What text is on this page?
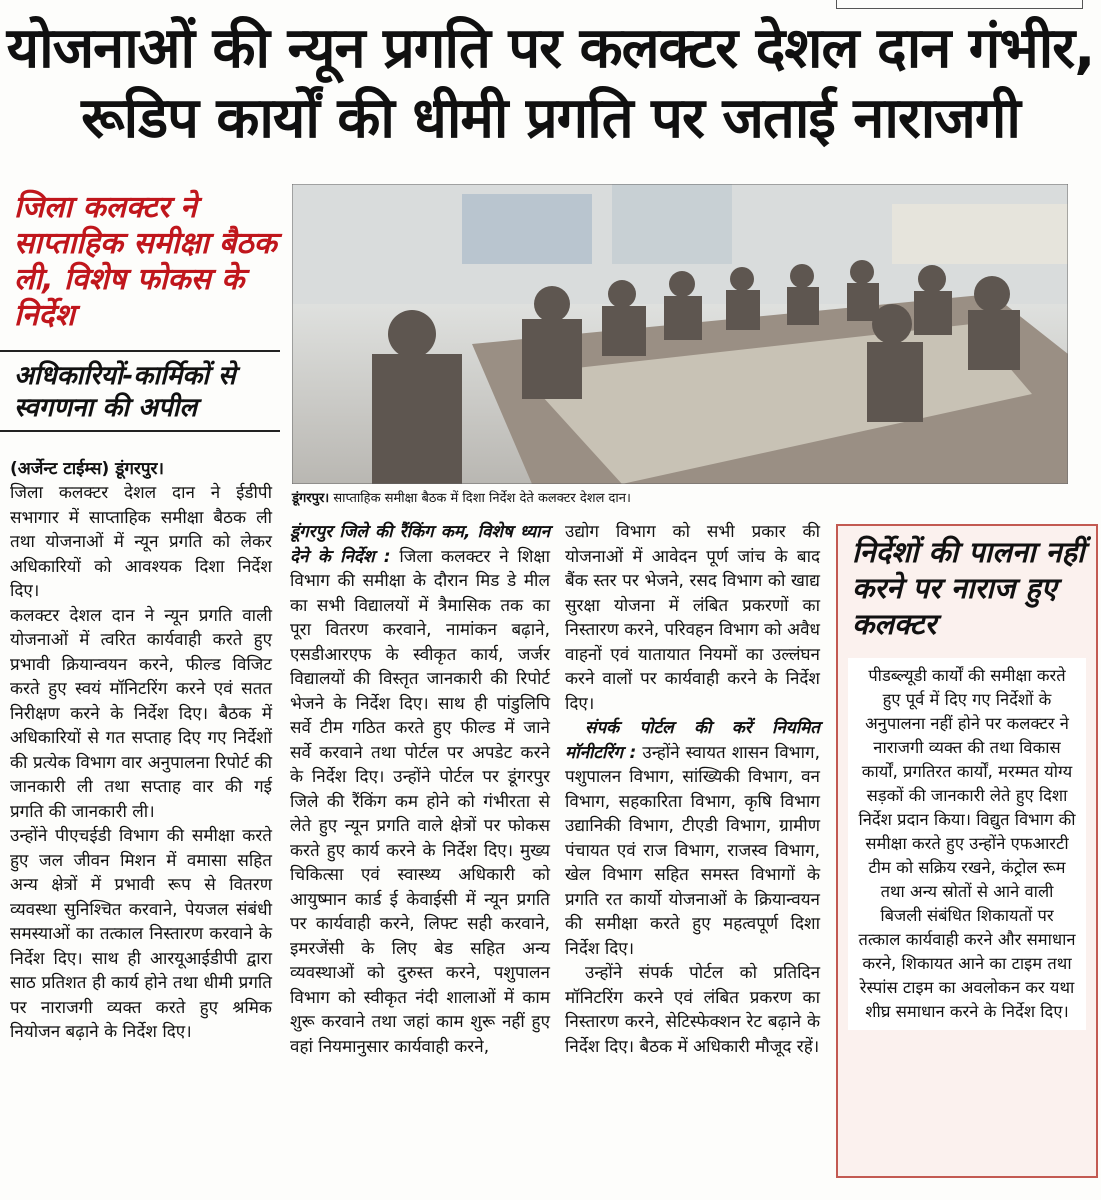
योजनाओं की न्यून प्रगति पर कलक्टर देशल दान गंभीर,
रूडिप कार्यों की धीमी प्रगति पर जताई नाराजगी
जिला कलक्टर ने साप्ताहिक समीक्षा बैठक ली, विशेष फोकस के निर्देश
अधिकारियों-कार्मिकों से स्वगणना की अपील

(अर्जेन्ट टाईम्स) डूंगरपुर।
जिला कलक्टर देशल दान ने ईडीपी सभागार में साप्ताहिक समीक्षा बैठक ली तथा योजनाओं में न्यून प्रगति को लेकर अधिकारियों को आवश्यक दिशा निर्देश दिए।
कलक्टर देशल दान ने न्यून प्रगति वाली योजनाओं में त्वरित कार्यवाही करते हुए प्रभावी क्रियान्वयन करने, फील्ड विजिट करते हुए स्वयं मॉनिटरिंग करने एवं सतत निरीक्षण करने के निर्देश दिए। बैठक में अधिकारियों से गत सप्ताह दिए गए निर्देशों की प्रत्येक विभाग वार अनुपालना रिपोर्ट की जानकारी ली तथा सप्ताह वार की गई प्रगति की जानकारी ली।
उन्होंने पीएचईडी विभाग की समीक्षा करते हुए जल जीवन मिशन में वमासा सहित अन्य क्षेत्रों में प्रभावी रूप से वितरण व्यवस्था सुनिश्चित करवाने, पेयजल संबंधी समस्याओं का तत्काल निस्तारण करवाने के निर्देश दिए। साथ ही आरयूआईडीपी द्वारा साठ प्रतिशत ही कार्य होने तथा धीमी प्रगति पर नाराजगी व्यक्त करते हुए श्रमिक नियोजन बढ़ाने के निर्देश दिए।

डूंगरपुर। साप्ताहिक समीक्षा बैठक में दिशा निर्देश देते कलक्टर देशल दान।
डूंगरपुर जिले की रैंकिंग कम, विशेष ध्यान देने के निर्देश : जिला कलक्टर ने शिक्षा विभाग की समीक्षा के दौरान मिड डे मील का सभी विद्यालयों में त्रैमासिक तक का पूरा वितरण करवाने, नामांकन बढ़ाने, एसडीआरएफ के स्वीकृत कार्य, जर्जर विद्यालयों की विस्तृत जानकारी की रिपोर्ट भेजने के निर्देश दिए। साथ ही पांडुलिपि सर्वे टीम गठित करते हुए फील्ड में जाने सर्वे करवाने तथा पोर्टल पर अपडेट करने के निर्देश दिए। उन्होंने पोर्टल पर डूंगरपुर जिले की रैंकिंग कम होने को गंभीरता से लेते हुए न्यून प्रगति वाले क्षेत्रों पर फोकस करते हुए कार्य करने के निर्देश दिए। मुख्य चिकित्सा एवं स्वास्थ्य अधिकारी को आयुष्मान कार्ड ई केवाईसी में न्यून प्रगति पर कार्यवाही करने, लिफ्ट सही करवाने, इमरजेंसी के लिए बेड सहित अन्य व्यवस्थाओं को दुरुस्त करने, पशुपालन विभाग को स्वीकृत नंदी शालाओं में काम शुरू करवाने तथा जहां काम शुरू नहीं हुए वहां नियमानुसार कार्यवाही करने,
उद्योग विभाग को सभी प्रकार की योजनाओं में आवेदन पूर्ण जांच के बाद बैंक स्तर पर भेजने, रसद विभाग को खाद्य सुरक्षा योजना में लंबित प्रकरणों का निस्तारण करने, परिवहन विभाग को अवैध वाहनों एवं यातायात नियमों का उल्लंघन करने वालों पर कार्यवाही करने के निर्देश दिए।
संपर्क पोर्टल की करें नियमित मॉनीटरिंग : उन्होंने स्वायत शासन विभाग, पशुपालन विभाग, सांख्यिकी विभाग, वन विभाग, सहकारिता विभाग, कृषि विभाग उद्यानिकी विभाग, टीएडी विभाग, ग्रामीण पंचायत एवं राज विभाग, राजस्व विभाग, खेल विभाग सहित समस्त विभागों के प्रगति रत कार्यो योजनाओं के क्रियान्वयन की समीक्षा करते हुए महत्वपूर्ण दिशा निर्देश दिए।
उन्होंने संपर्क पोर्टल को प्रतिदिन मॉनिटरिंग करने एवं लंबित प्रकरण का निस्तारण करने, सेटिस्फेक्शन रेट बढ़ाने के निर्देश दिए। बैठक में अधिकारी मौजूद रहें।
निर्देशों की पालना नहीं करने पर नाराज हुए कलक्टर
पीडब्ल्यूडी कार्यों की समीक्षा करते हुए पूर्व में दिए गए निर्देशों के अनुपालना नहीं होने पर कलक्टर ने नाराजगी व्यक्त की तथा विकास कार्यों, प्रगतिरत कार्यों, मरम्मत योग्य सड़कों की जानकारी लेते हुए दिशा निर्देश प्रदान किया। विद्युत विभाग की समीक्षा करते हुए उन्होंने एफआरटी टीम को सक्रिय रखने, कंट्रोल रूम तथा अन्य स्रोतों से आने वाली बिजली संबंधित शिकायतों पर तत्काल कार्यवाही करने और समाधान करने, शिकायत आने का टाइम तथा रेस्पांस टाइम का अवलोकन कर यथा शीघ्र समाधान करने के निर्देश दिए।
